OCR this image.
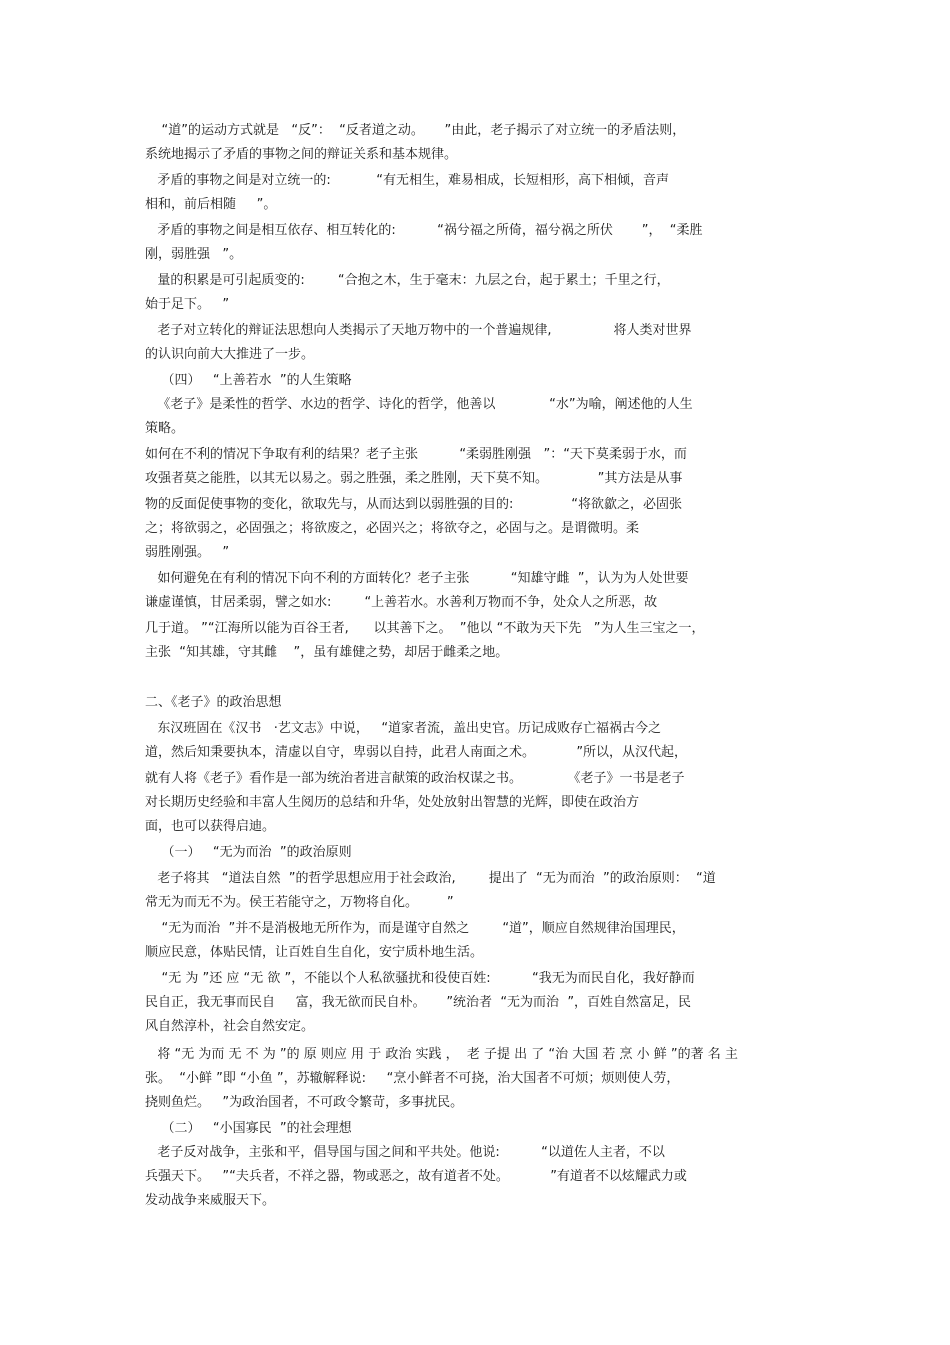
“道”的运动方式就是   “反”：  “反者道之动。     ”由此，老子揭示了对立统一的矛盾法则，

系统地揭示了矛盾的事物之间的辩证关系和基本规律。

矛盾的事物之间是对立统一的:           “有无相生，难易相成，长短相形，高下相倾，音声

相和，前后相随     ”。

矛盾的事物之间是相互依存、相互转化的:          “祸兮福之所倚，福兮祸之所伏       ”，  “柔胜

刚，弱胜强   ”。

量的积累是可引起质变的:        “合抱之木，生于毫末：九层之台，起于累土；千里之行，

始于足下。   ”

老子对立转化的辩证法思想向人类揭示了天地万物中的一个普遍规律,               将人类对世界

的认识向前大大推进了一步。

（四）   “上善若水  ”的人生策略

《老子》是柔性的哲学、水边的哲学、诗化的哲学，他善以             “水”为喻，阐述他的人生

策略。

如何在不利的情况下争取有利的结果？老子主张          “柔弱胜刚强   ”：“天下莫柔弱于水，而

攻强者莫之能胜，以其无以易之。弱之胜强，柔之胜刚，天下莫不知。            ”其方法是从事

物的反面促使事物的变化，欲取先与，从而达到以弱胜强的目的:              “将欲歙之，必固张

之；将欲弱之，必固强之；将欲废之，必固兴之；将欲夺之，必固与之。是谓微明。柔

弱胜刚强。   ”

如何避免在有利的情况下向不利的方面转化？老子主张          “知雄守雌  ”，认为为人处世要

谦虚谨慎，甘居柔弱，譬之如水:        “上善若水。水善利万物而不争，处众人之所恶，故

几于道。 ”“江海所以能为百谷王者,      以其善下之。  ”他以 “不敢为天下先   ”为人生三宝之一，

主张  “知其雄，守其雌    ”，虽有雄健之势，却居于雌柔之地。

二、《老子》的政治思想

东汉班固在《汉书   ·艺文志》中说，   “道家者流，盖出史官。历记成败存亡福祸古今之

道，然后知秉要执本，清虚以自守，卑弱以自持，此君人南面之术。          ”所以，从汉代起，

就有人将《老子》看作是一部为统治者进言献策的政治权谋之书。           《老子》一书是老子

对长期历史经验和丰富人生阅历的总结和升华，处处放射出智慧的光辉，即使在政治方

面，也可以获得启迪。

（一）   “无为而治  ”的政治原则

老子将其   “道法自然  ”的哲学思想应用于社会政治,        提出了  “无为而治  ”的政治原则：  “道

常无为而无不为。侯王若能守之，万物将自化。       ”

“无为而治  ”并不是消极地无所作为，而是谨守自然之        “道”，顺应自然规律治国理民，

顺应民意，体贴民情，让百姓自生自化，安宁质朴地生活。

“无 为 ”还 应 “无 欲 ”，不能以个人私欲骚扰和役使百姓:          “我无为而民自化，我好静而

民自正，我无事而民自     富，我无欲而民自朴。     ”统治者  “无为而治  ”，百姓自然富足，民

风自然淳朴，社会自然安定。

将 “无 为而 无 不 为 ”的 原 则应 用 于 政治 实践 ，  老 子提 出 了 “治 大国 若 烹 小 鲜 ”的著 名 主

张。  “小鲜 ”即 “小鱼 ”，苏辙解释说:     “烹小鲜者不可挠，治大国者不可烦；烦则使人劳，

挠则鱼烂。   ”为政治国者，不可政令繁苛，多事扰民。

（二）   “小国寡民  ”的社会理想

老子反对战争，主张和平，倡导国与国之间和平共处。他说:          “以道佐人主者，不以

兵强天下。   ”“夫兵者，不祥之器，物或恶之，故有道者不处。          ”有道者不以炫耀武力或

发动战争来威服天下。
